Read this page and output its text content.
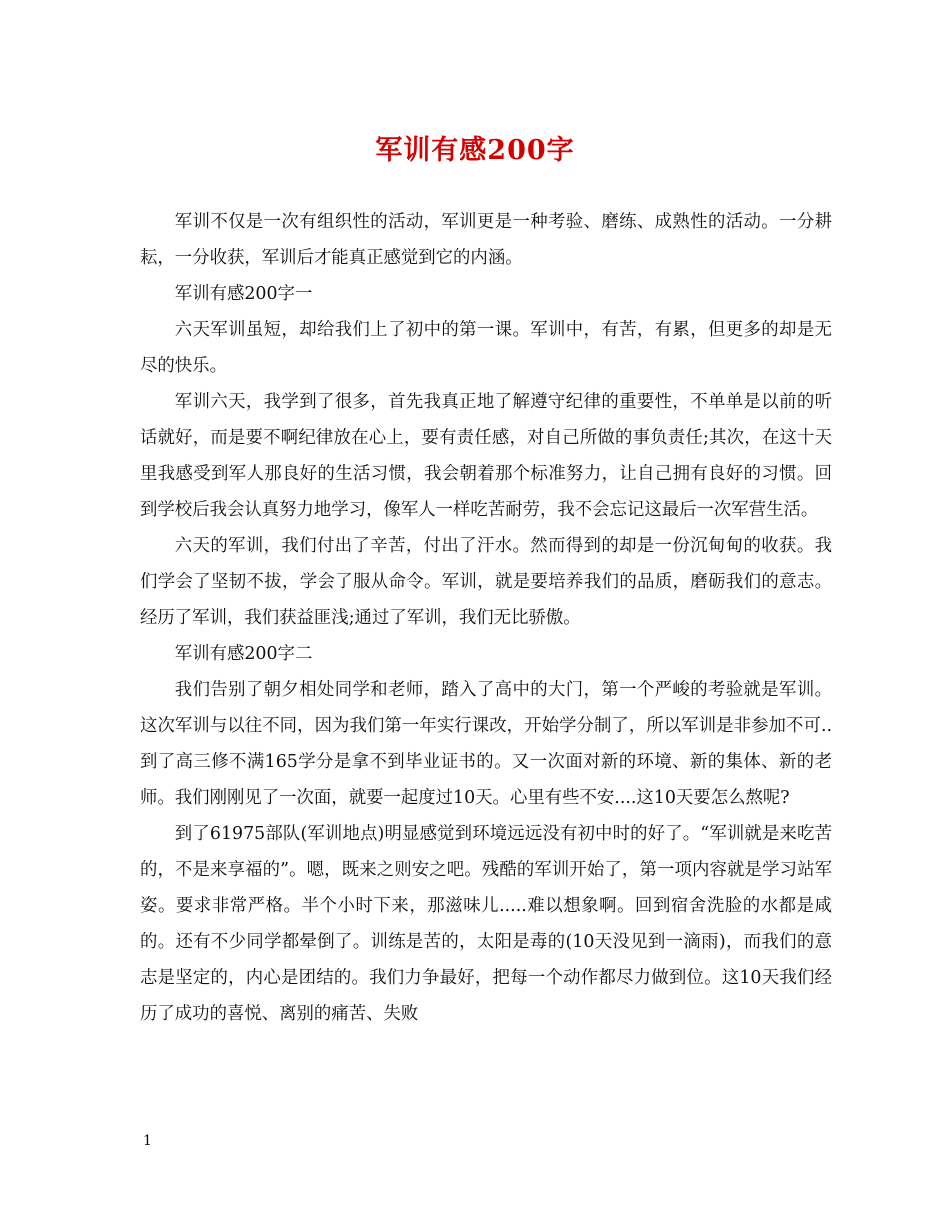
军训有感200字

军训不仅是一次有组织性的活动，军训更是一种考验、磨练、成熟性的活动。一分耕耘，一分收获，军训后才能真正感觉到它的内涵。

军训有感200字一

六天军训虽短，却给我们上了初中的第一课。军训中，有苦，有累，但更多的却是无尽的快乐。

军训六天，我学到了很多，首先我真正地了解遵守纪律的重要性，不单单是以前的听话就好，而是要不啊纪律放在心上，要有责任感，对自己所做的事负责任;其次，在这十天里我感受到军人那良好的生活习惯，我会朝着那个标准努力，让自己拥有良好的习惯。回到学校后我会认真努力地学习，像军人一样吃苦耐劳，我不会忘记这最后一次军营生活。

六天的军训，我们付出了辛苦，付出了汗水。然而得到的却是一份沉甸甸的收获。我们学会了坚韧不拔，学会了服从命令。军训，就是要培养我们的品质，磨砺我们的意志。经历了军训，我们获益匪浅;通过了军训，我们无比骄傲。

军训有感200字二

我们告别了朝夕相处同学和老师，踏入了高中的大门，第一个严峻的考验就是军训。这次军训与以往不同，因为我们第一年实行课改，开始学分制了，所以军训是非参加不可..到了高三修不满165学分是拿不到毕业证书的。又一次面对新的环境、新的集体、新的老师。我们刚刚见了一次面，就要一起度过10天。心里有些不安....这10天要怎么熬呢?

到了61975部队(军训地点)明显感觉到环境远远没有初中时的好了。“军训就是来吃苦的，不是来享福的”。嗯，既来之则安之吧。残酷的军训开始了，第一项内容就是学习站军姿。要求非常严格。半个小时下来，那滋味儿.....难以想象啊。回到宿舍洗脸的水都是咸的。还有不少同学都晕倒了。训练是苦的，太阳是毒的(10天没见到一滴雨)，而我们的意志是坚定的，内心是团结的。我们力争最好，把每一个动作都尽力做到位。这10天我们经历了成功的喜悦、离别的痛苦、失败

1
